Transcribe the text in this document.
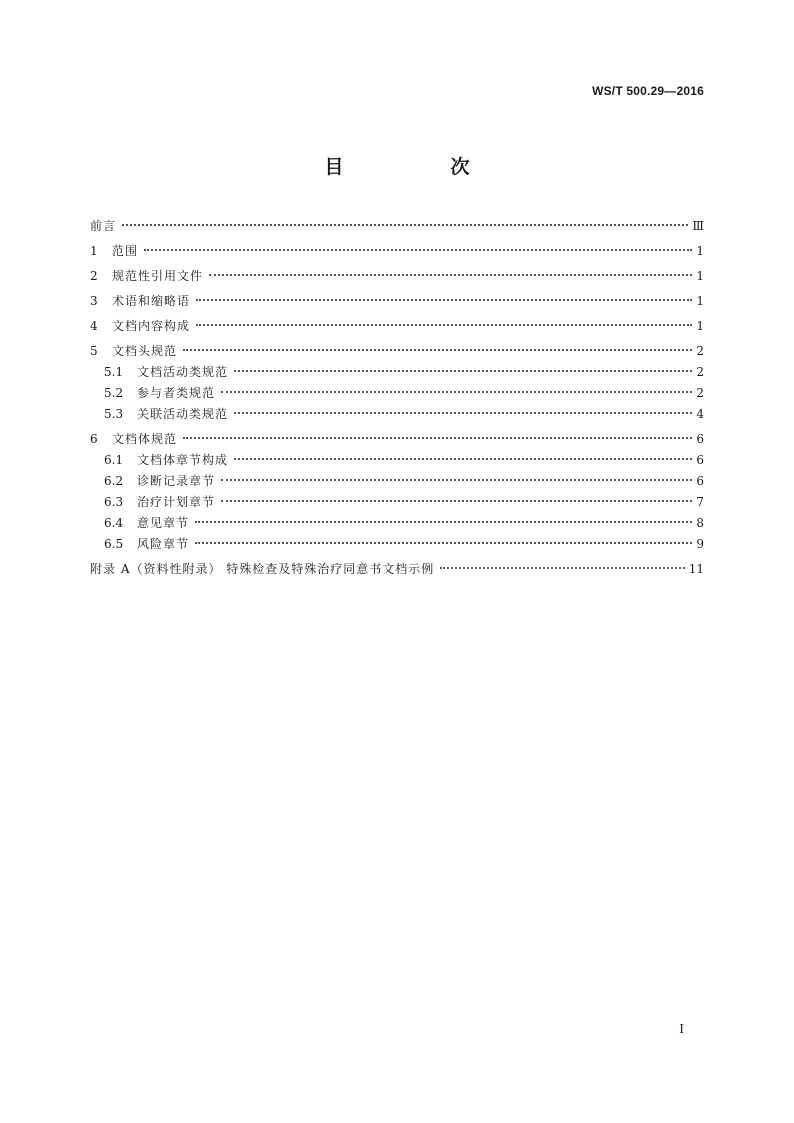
WS/T 500.29—2016
目　次
前言	Ⅲ
1	范围	1
2	规范性引用文件	1
3	术语和缩略语	1
4	文档内容构成	1
5	文档头规范	2
5.1	文档活动类规范	2
5.2	参与者类规范	2
5.3	关联活动类规范	4
6	文档体规范	6
6.1	文档体章节构成	6
6.2	诊断记录章节	6
6.3	治疗计划章节	7
6.4	意见章节	8
6.5	风险章节	9
附录 A（资料性附录） 特殊检查及特殊治疗同意书文档示例	11
I
